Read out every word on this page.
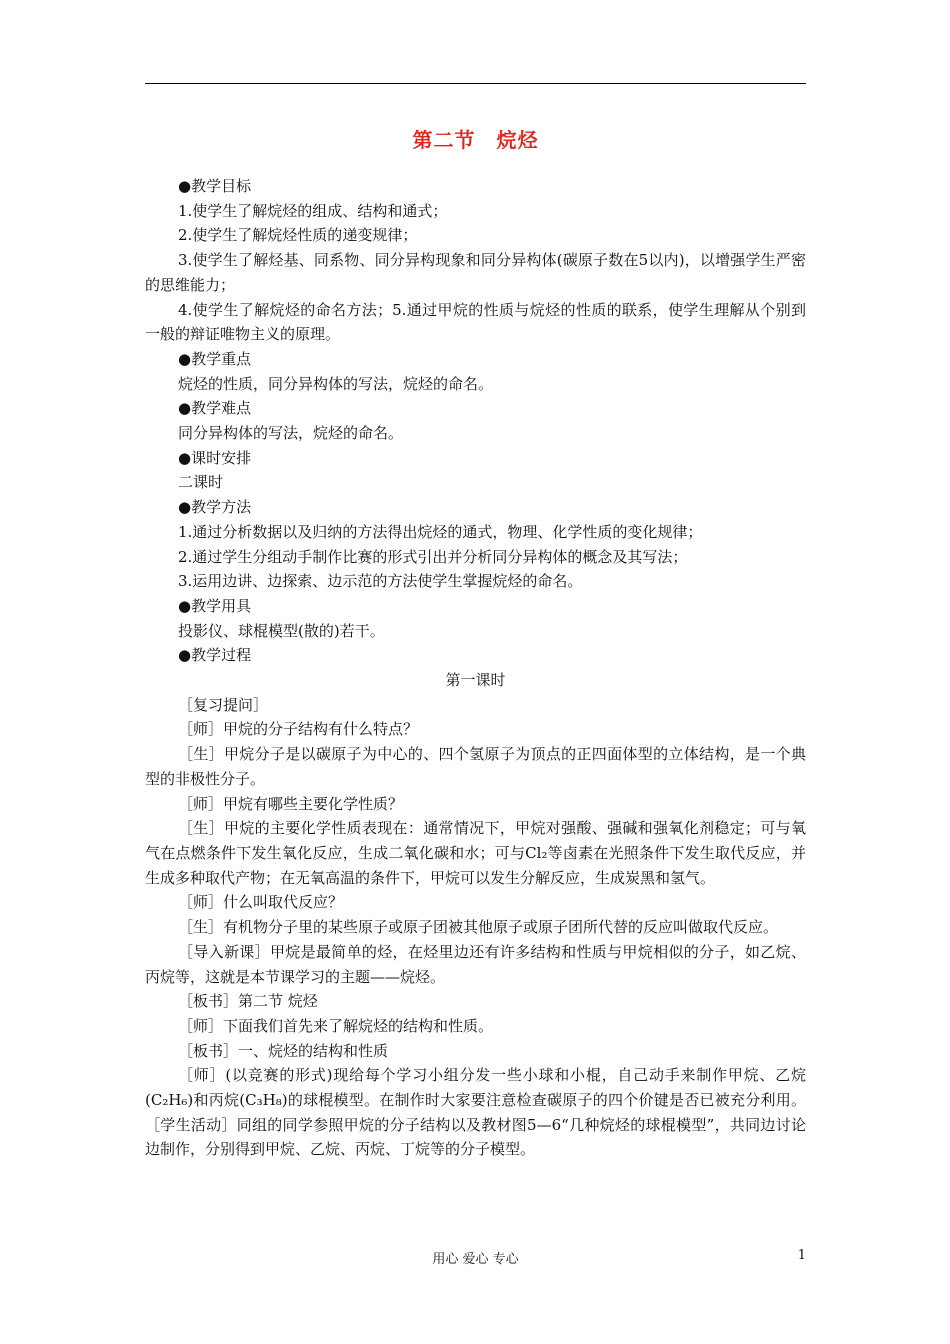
第二节　烷烃

●教学目标

1.使学生了解烷烃的组成、结构和通式；

2.使学生了解烷烃性质的递变规律；

3.使学生了解烃基、同系物、同分异构现象和同分异构体(碳原子数在5以内)，以增强学生严密的思维能力；

4.使学生了解烷烃的命名方法；5.通过甲烷的性质与烷烃的性质的联系，使学生理解从个别到一般的辩证唯物主义的原理。

●教学重点

烷烃的性质，同分异构体的写法，烷烃的命名。

●教学难点

同分异构体的写法，烷烃的命名。

●课时安排

二课时

●教学方法

1.通过分析数据以及归纳的方法得出烷烃的通式，物理、化学性质的变化规律；

2.通过学生分组动手制作比赛的形式引出并分析同分异构体的概念及其写法；

3.运用边讲、边探索、边示范的方法使学生掌握烷烃的命名。

●教学用具

投影仪、球棍模型(散的)若干。

●教学过程

第一课时

［复习提问］

［师］甲烷的分子结构有什么特点？

［生］甲烷分子是以碳原子为中心的、四个氢原子为顶点的正四面体型的立体结构，是一个典型的非极性分子。

［师］甲烷有哪些主要化学性质？

［生］甲烷的主要化学性质表现在：通常情况下，甲烷对强酸、强碱和强氧化剂稳定；可与氧气在点燃条件下发生氧化反应，生成二氧化碳和水；可与Cl₂等卤素在光照条件下发生取代反应，并生成多种取代产物；在无氧高温的条件下，甲烷可以发生分解反应，生成炭黑和氢气。

［师］什么叫取代反应？

［生］有机物分子里的某些原子或原子团被其他原子或原子团所代替的反应叫做取代反应。

［导入新课］甲烷是最简单的烃，在烃里边还有许多结构和性质与甲烷相似的分子，如乙烷、丙烷等，这就是本节课学习的主题——烷烃。

［板书］第二节 烷烃

［师］下面我们首先来了解烷烃的结构和性质。

［板书］一、烷烃的结构和性质

［师］(以竞赛的形式)现给每个学习小组分发一些小球和小棍，自己动手来制作甲烷、乙烷(C₂H₆)和丙烷(C₃H₈)的球棍模型。在制作时大家要注意检查碳原子的四个价键是否已被充分利用。［学生活动］同组的同学参照甲烷的分子结构以及教材图5—6“几种烷烃的球棍模型”，共同边讨论边制作，分别得到甲烷、乙烷、丙烷、丁烷等的分子模型。

用心 爱心 专心	1
